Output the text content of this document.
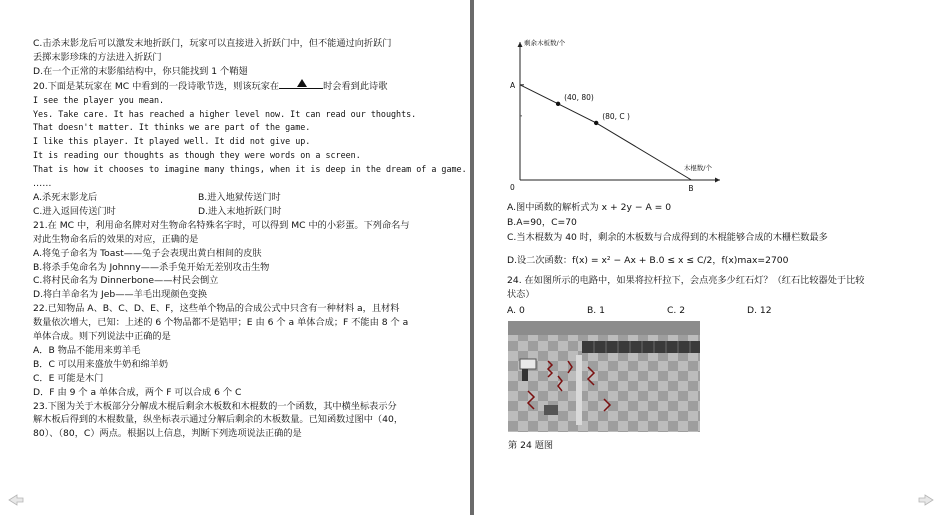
C.击杀末影龙后可以激发末地折跃门，玩家可以直接进入折跃门中，但不能通过向折跃门
丢掷末影珍珠的方法进入折跃门
D.在一个正常的末影船结构中，你只能找到 1 个鞘翅
20.下面是某玩家在 MC 中看到的一段诗歌节选，则该玩家在	时会看到此诗歌
I see the player you mean.
Yes. Take care. It has reached a higher level now. It can read our thoughts.
That doesn't matter. It thinks we are part of the game.
I like this player. It played well. It did not give up.
It is reading our thoughts as though they were words on a screen.
That is how it chooses to imagine many things, when it is deep in the dream of a game.
……
A.杀死末影龙后	B.进入地狱传送门时
C.进入返回传送门时	D.进入末地折跃门时
21.在 MC 中，利用命名牌对对生物命名特殊名字时，可以得到 MC 中的小彩蛋。下列命名与
对此生物命名后的效果的对应，正确的是
A.将兔子命名为 Toast——兔子会表现出黄白相间的皮肤
B.将杀手兔命名为 Johnny——杀手兔开始无差别攻击生物
C.将村民命名为 Dinnerbone——村民会倒立
D.将白羊命名为 Jeb——羊毛出现颜色变换
22.已知物品 A、B、C、D、E、F，这些单个物品的合成公式中只含有一种材料 a，且材料
数量依次增大，已知：上述的 6 个物品都不是锆甲；E 由 6 个 a 单体合成；F 不能由 8 个 a
单体合成。则下列说法中正确的是
A．B 物品不能用来剪羊毛
B．C 可以用来盛放牛奶和绵羊奶
C．E 可能是木门
D．F 由 9 个 a 单体合成，两个 F 可以合成 6 个 C
23.下图为关于木板部分分解成木棍后剩余木板数和木棍数的一个函数，其中横坐标表示分
解木板后得到的木棍数量，纵坐标表示通过分解后剩余的木板数量。已知函数过图中（40，
80）、（80，C）两点。根据以上信息，判断下列选项说法正确的是
剩余木板数/个
木棍数/个
0
A
B
(40, 80)
(80, C )
A.图中函数的解析式为 x + 2y − A = 0
B.A=90，C=70
C.当木棍数为 40 时，剩余的木板数与合成得到的木棍能够合成的木栅栏数最多
D.设二次函数：f(x) = x² − Ax + B.0 ≤ x ≤ C/2，f(x)max=2700
24. 在如图所示的电路中，如果将拉杆拉下，会点亮多少红石灯？（红石比较器处于比较
状态）
A. 0	B. 1	C. 2	D. 12
第 24 题图
